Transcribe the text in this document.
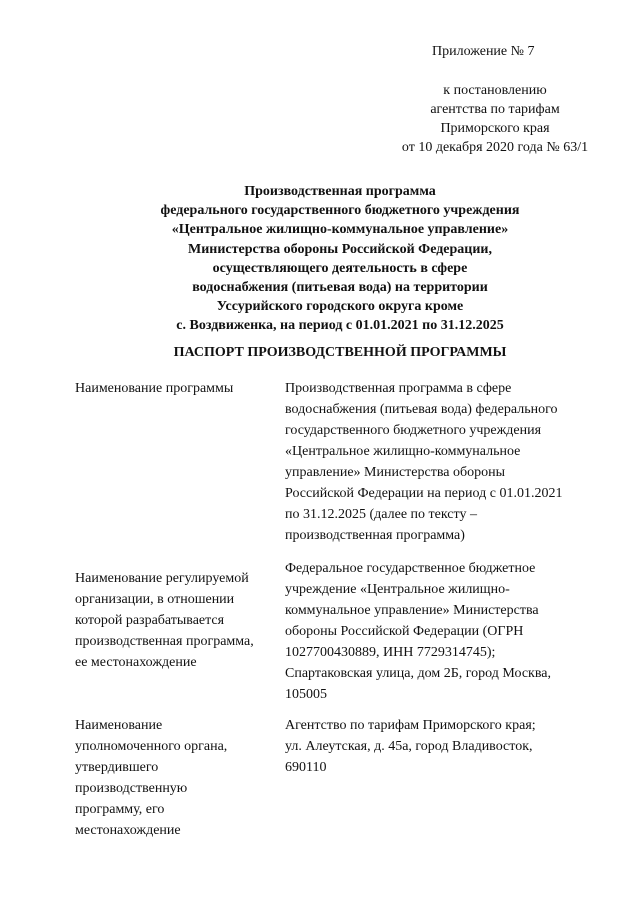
Приложение № 7
к постановлению
агентства по тарифам
Приморского края
от 10 декабря 2020 года № 63/1
Производственная программа
федерального государственного бюджетного учреждения
«Центральное жилищно-коммунальное управление»
Министерства обороны Российской Федерации,
осуществляющего деятельность в сфере
водоснабжения (питьевая вода) на территории
Уссурийского городского округа кроме
с. Воздвиженка, на период с 01.01.2021 по 31.12.2025
ПАСПОРТ ПРОИЗВОДСТВЕННОЙ ПРОГРАММЫ
Наименование программы	Производственная программа в сфере
водоснабжения (питьевая вода) федерального
государственного бюджетного учреждения
«Центральное жилищно-коммунальное
управление» Министерства обороны
Российской Федерации на период с 01.01.2021
по 31.12.2025 (далее по тексту –
производственная программа)
Наименование регулируемой
организации, в отношении
которой разрабатывается
производственная программа,
ее местонахождение
Федеральное государственное бюджетное
учреждение «Центральное жилищно-
коммунальное управление» Министерства
обороны Российской Федерации (ОГРН
1027700430889, ИНН 7729314745);
Спартаковская улица, дом 2Б, город Москва,
105005
Наименование
уполномоченного органа,
утвердившего
производственную
программу, его
местонахождение
Агентство по тарифам Приморского края;
ул. Алеутская, д. 45а, город Владивосток,
690110
